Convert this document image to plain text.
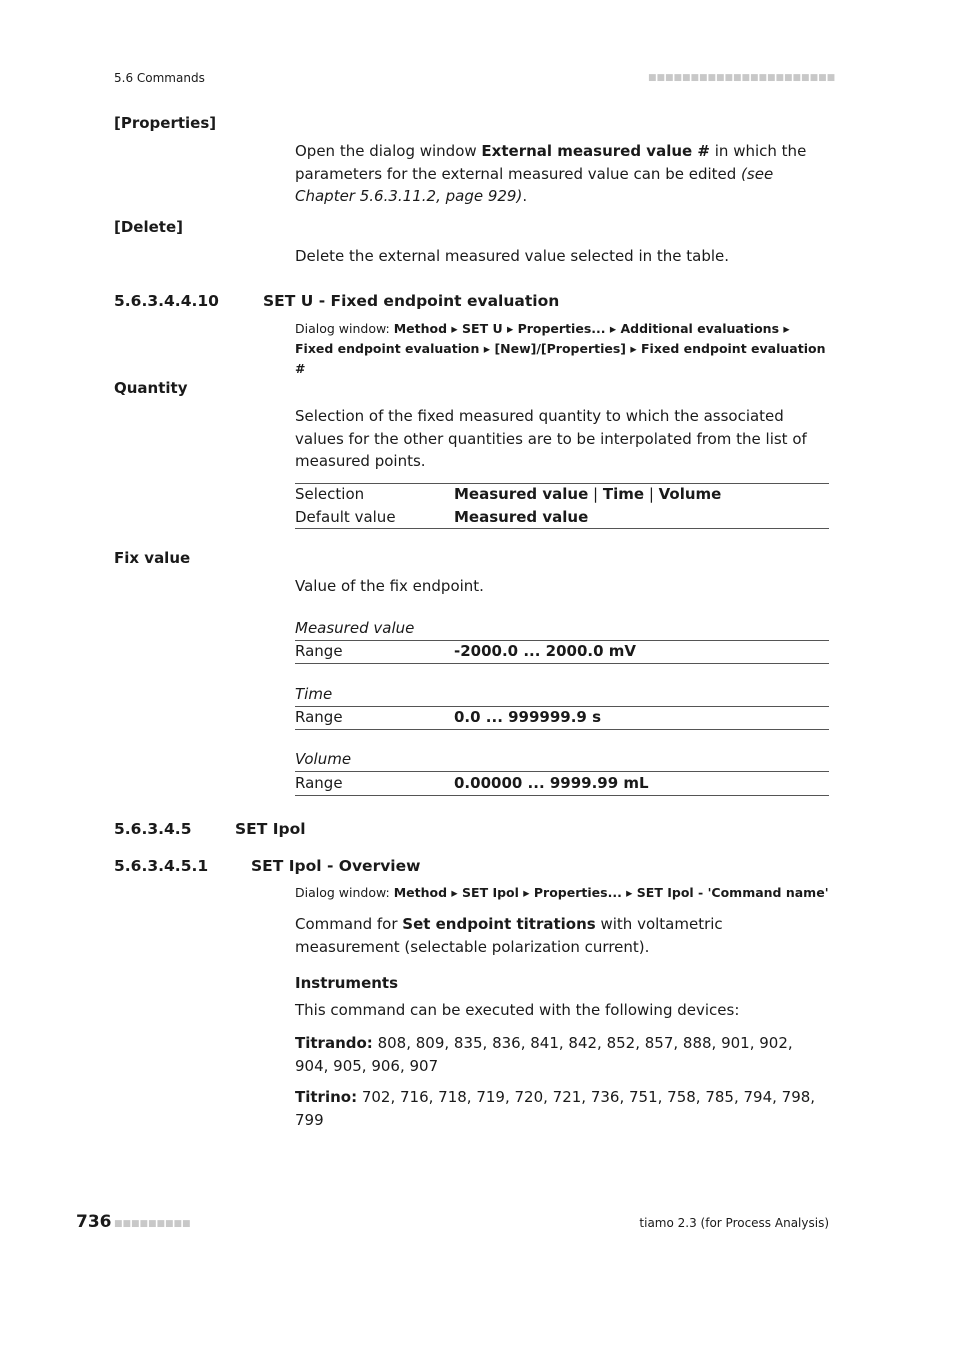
5.6 Commands	■■■■■■■■■■■■■■■■■■■■■■
[Properties]
Open the dialog window External measured value # in which the parameters for the external measured value can be edited (see Chapter 5.6.3.11.2, page 929).
[Delete]
Delete the external measured value selected in the table.
5.6.3.4.4.10	SET U - Fixed endpoint evaluation
Dialog window: Method ▸ SET U ▸ Properties... ▸ Additional evaluations ▸ Fixed endpoint evaluation ▸ [New]/[Properties] ▸ Fixed endpoint evaluation #
Quantity
Selection of the fixed measured quantity to which the associated values for the other quantities are to be interpolated from the list of measured points.
Selection	Measured value | Time | Volume
Default value	Measured value
Fix value
Value of the fix endpoint.
Measured value
Range	-2000.0 ... 2000.0 mV
Time
Range	0.0 ... 999999.9 s
Volume
Range	0.00000 ... 9999.99 mL
5.6.3.4.5	SET Ipol
5.6.3.4.5.1	SET Ipol - Overview
Dialog window: Method ▸ SET Ipol ▸ Properties... ▸ SET Ipol - 'Command name'
Command for Set endpoint titrations with voltametric measurement (selectable polarization current).
Instruments
This command can be executed with the following devices:
Titrando: 808, 809, 835, 836, 841, 842, 852, 857, 888, 901, 902, 904, 905, 906, 907
Titrino: 702, 716, 718, 719, 720, 721, 736, 751, 758, 785, 794, 798, 799
736 ■■■■■■■■■	tiamo 2.3 (for Process Analysis)
